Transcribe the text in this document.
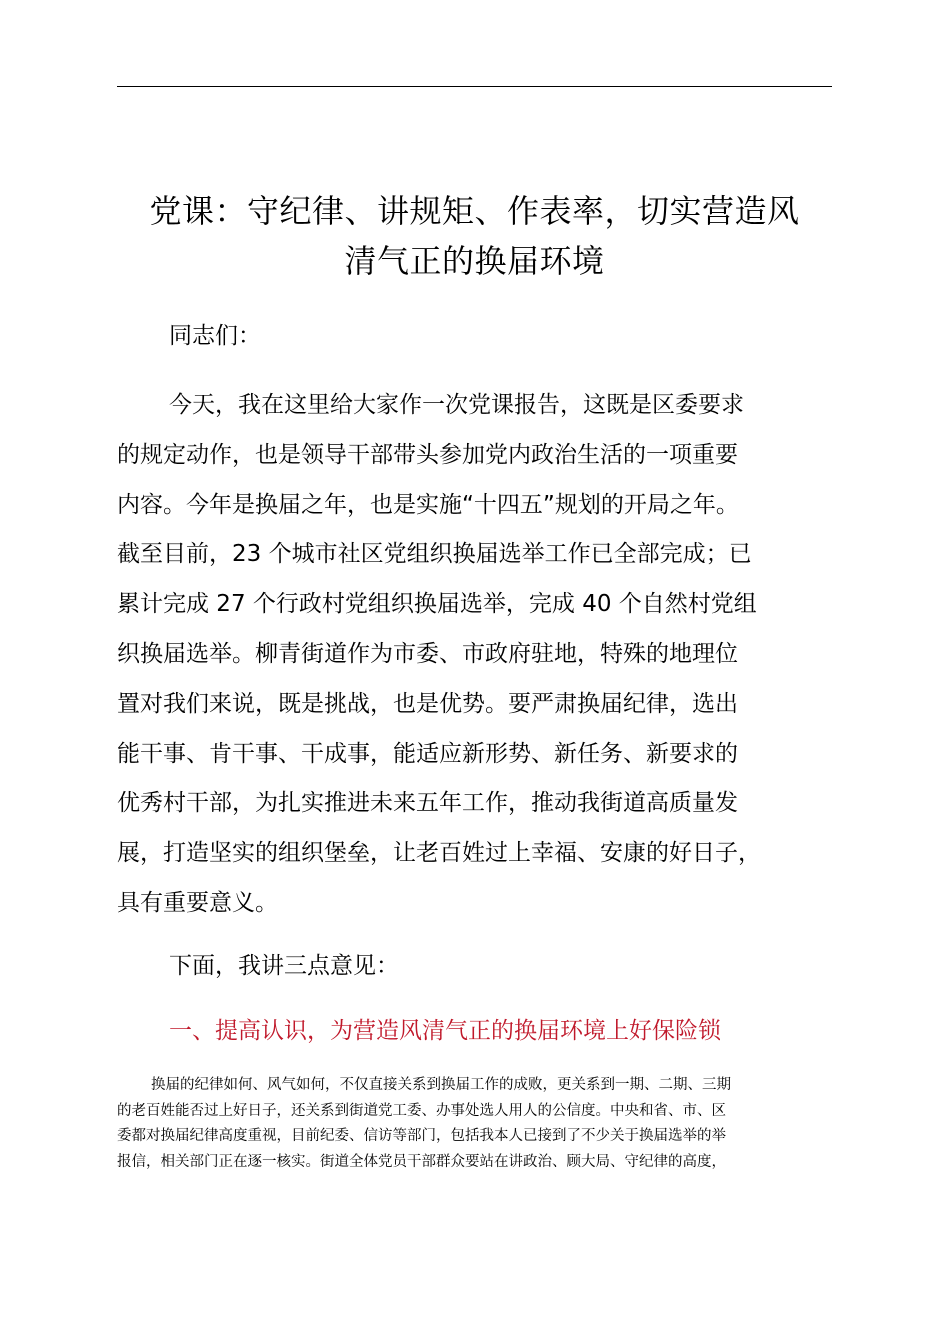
党课：守纪律、讲规矩、作表率，切实营造风
清气正的换届环境
同志们：
今天，我在这里给大家作一次党课报告，这既是区委要求
的规定动作，也是领导干部带头参加党内政治生活的一项重要
内容。今年是换届之年，也是实施“十四五”规划的开局之年。
截至目前，23 个城市社区党组织换届选举工作已全部完成；已
累计完成 27 个行政村党组织换届选举，完成 40 个自然村党组
织换届选举。柳青街道作为市委、市政府驻地，特殊的地理位
置对我们来说，既是挑战，也是优势。要严肃换届纪律，选出
能干事、肯干事、干成事，能适应新形势、新任务、新要求的
优秀村干部，为扎实推进未来五年工作，推动我街道高质量发
展，打造坚实的组织堡垒，让老百姓过上幸福、安康的好日子，
具有重要意义。
下面，我讲三点意见：
一、提高认识，为营造风清气正的换届环境上好保险锁
换届的纪律如何、风气如何，不仅直接关系到换届工作的成败，更关系到一期、二期、三期
的老百姓能否过上好日子，还关系到街道党工委、办事处选人用人的公信度。中央和省、市、区
委都对换届纪律高度重视，目前纪委、信访等部门，包括我本人已接到了不少关于换届选举的举
报信，相关部门正在逐一核实。街道全体党员干部群众要站在讲政治、顾大局、守纪律的高度，
